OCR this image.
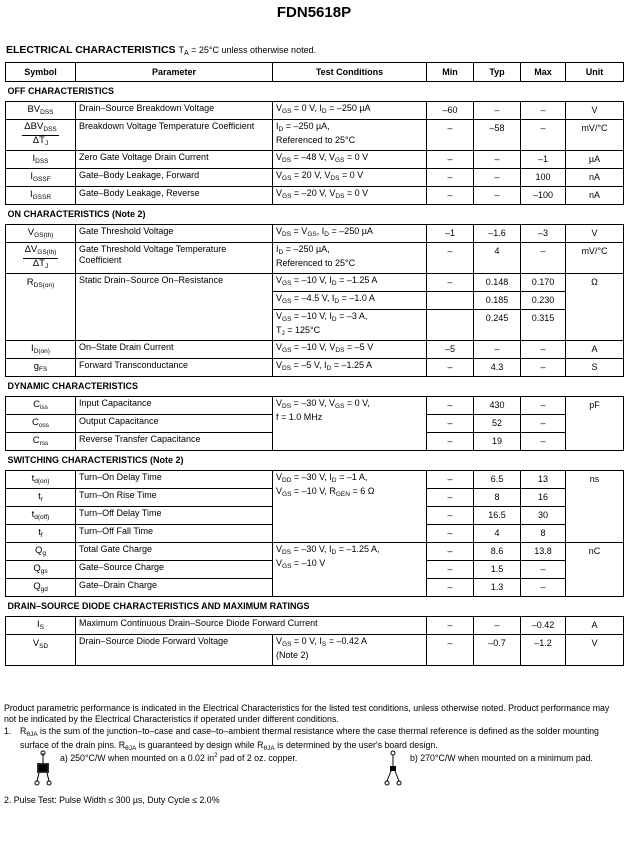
FDN5618P
ELECTRICAL CHARACTERISTICS $T_A = 25^\circ C$ unless otherwise noted.
Symbol	Parameter	Test Conditions	Min	Typ	Max	Unit
OFF CHARACTERISTICS						
$BV_{DSS}$	Drain–Source Breakdown Voltage	$V_{GS} = 0$ V, $I_D = -250$ µA	–60	–	–	V

$\frac{\Delta BV_{DSS}}{\Delta T_J}$	Breakdown Voltage Temperature Coefficient	$I_D = -250$ µA,
Referenced to 25°C	–	–58	–	mV/°C
$I_{DSS}$	Zero Gate Voltage Drain Current	$V_{DS} = -48$ V, $V_{GS} = 0$ V	–	–	–1	µA
$I_{GSSF}$	Gate–Body Leakage, Forward	$V_{GS} = 20$ V, $V_{DS} = 0$ V	–	–	100	nA
$I_{GSSR}$	Gate–Body Leakage, Reverse	$V_{GS} = -20$ V, $V_{DS} = 0$ V	–	–	–100	nA
ON CHARACTERISTICS (Note 2)						
$V_{GS(th)}$	Gate Threshold Voltage	$V_{DS} = V_{GS}$, $I_D = -250$ µA	–1	–1.6	–3	V

$\frac{\Delta V_{GS(th)}}{\Delta T_J}$	Gate Threshold Voltage Temperature Coefficient	$I_D = -250$ µA,
Referenced to 25°C	–	4	–	mV/°C
$R_{DS(on)}$	Static Drain–Source On–Resistance	$V_{GS} = -10$ V, $I_D = -1.25$ A	–	0.148	0.170	Ω
		$V_{GS} = -4.5$ V, $I_D = -1.0$ A		0.185	0.230	
		$V_{GS} = -10$ V, $I_D = -3$ A,
$T_J = 125^\circ C$		0.245	0.315	
$I_{D(on)}$	On–State Drain Current	$V_{GS} = -10$ V, $V_{DS} = -5$ V	–5	–	–	A
$g_{FS}$	Forward Transconductance	$V_{DS} = -5$ V, $I_D = -1.25$ A	–	4.3	–	S
DYNAMIC CHARACTERISTICS						
$C_{iss}$	Input Capacitance	$V_{DS} = -30$ V, $V_{GS} = 0$ V,
f = 1.0 MHz	–	430	–	pF
$C_{oss}$	Output Capacitance		–	52	–	
$C_{rss}$	Reverse Transfer Capacitance		–	19	–	
SWITCHING CHARACTERISTICS (Note 2)						
$t_{d(on)}$	Turn–On Delay Time	$V_{DD} = -30$ V, $I_D = -1$ A,
$V_{GS} = -10$ V, $R_{GEN} = 6$ Ω	–	6.5	13	ns
$t_r$	Turn–On Rise Time		–	8	16	
$t_{d(off)}$	Turn–Off Delay Time		–	16.5	30	
$t_f$	Turn–Off Fall Time		–	4	8	
$Q_g$	Total Gate Charge	$V_{DS} = -30$ V, $I_D = -1.25$ A,
$V_{GS} = -10$ V	–	8.6	13.8	nC
$Q_{gs}$	Gate–Source Charge		–	1.5	–	
$Q_{gd}$	Gate–Drain Charge		–	1.3	–	
DRAIN–SOURCE DIODE CHARACTERISTICS AND MAXIMUM RATINGS						
$I_S$	Maximum Continuous Drain–Source Diode Forward Current		–	–	–0.42	A
$V_{SD}$	Drain–Source Diode Forward Voltage	$V_{GS} = 0$ V, $I_S = -0.42$ A
(Note 2)	–	–0.7	–1.2	V

Product parametric performance is indicated in the Electrical Characteristics for the listed test conditions, unless otherwise noted. Product performance may not be indicated by the Electrical Characteristics if operated under different conditions.

1. $R_{\theta JA}$ is the sum of the junction–to–case and case–to–ambient thermal resistance where the case thermal reference is defined as the solder mounting surface of the drain pins. $R_{\theta JA}$ is guaranteed by design while $R_{\theta JA}$ is determined by the user's board design.
a) 250°C/W when mounted on a 0.02 $in^2$ pad of 2 oz. copper.	b) 270°C/W when mounted on a minimum pad.
2. Pulse Test: Pulse Width ≤ 300 µs, Duty Cycle ≤ 2.0%
